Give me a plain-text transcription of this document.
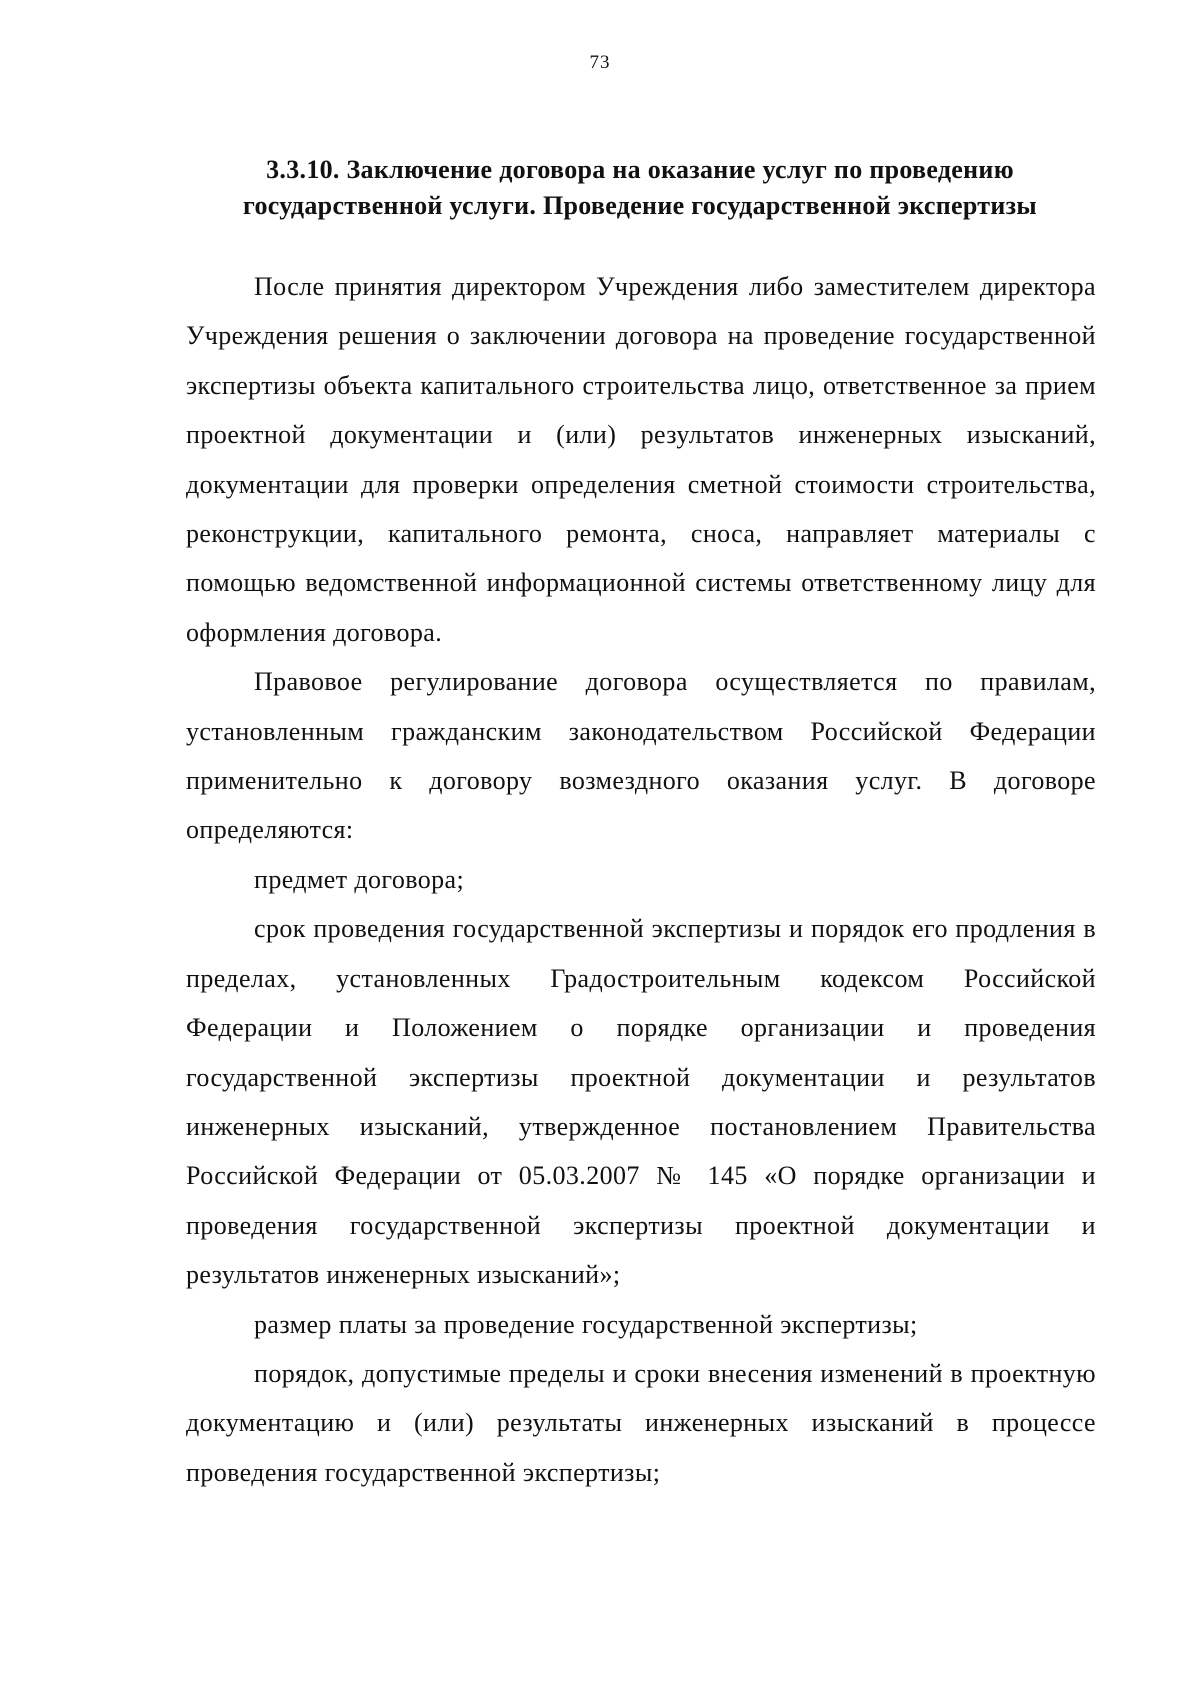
73
3.3.10. Заключение договора на оказание услуг по проведению государственной услуги. Проведение государственной экспертизы

После принятия директором Учреждения либо заместителем директора Учреждения решения о заключении договора на проведение государственной экспертизы объекта капитального строительства лицо, ответственное за прием проектной документации и (или) результатов инженерных изысканий, документации для проверки определения сметной стоимости строительства, реконструкции, капитального ремонта, сноса, направляет материалы с помощью ведомственной информационной системы ответственному лицу для оформления договора.

Правовое регулирование договора осуществляется по правилам, установленным гражданским законодательством Российской Федерации применительно к договору возмездного оказания услуг. В договоре определяются:

предмет договора;

срок проведения государственной экспертизы и порядок его продления в пределах, установленных Градостроительным кодексом Российской Федерации и Положением о порядке организации и проведения государственной экспертизы проектной документации и результатов инженерных изысканий, утвержденное постановлением Правительства Российской Федерации от 05.03.2007 № 145 «О порядке организации и проведения государственной экспертизы проектной документации и результатов инженерных изысканий»;

размер платы за проведение государственной экспертизы;

порядок, допустимые пределы и сроки внесения изменений в проектную документацию и (или) результаты инженерных изысканий в процессе проведения государственной экспертизы;
